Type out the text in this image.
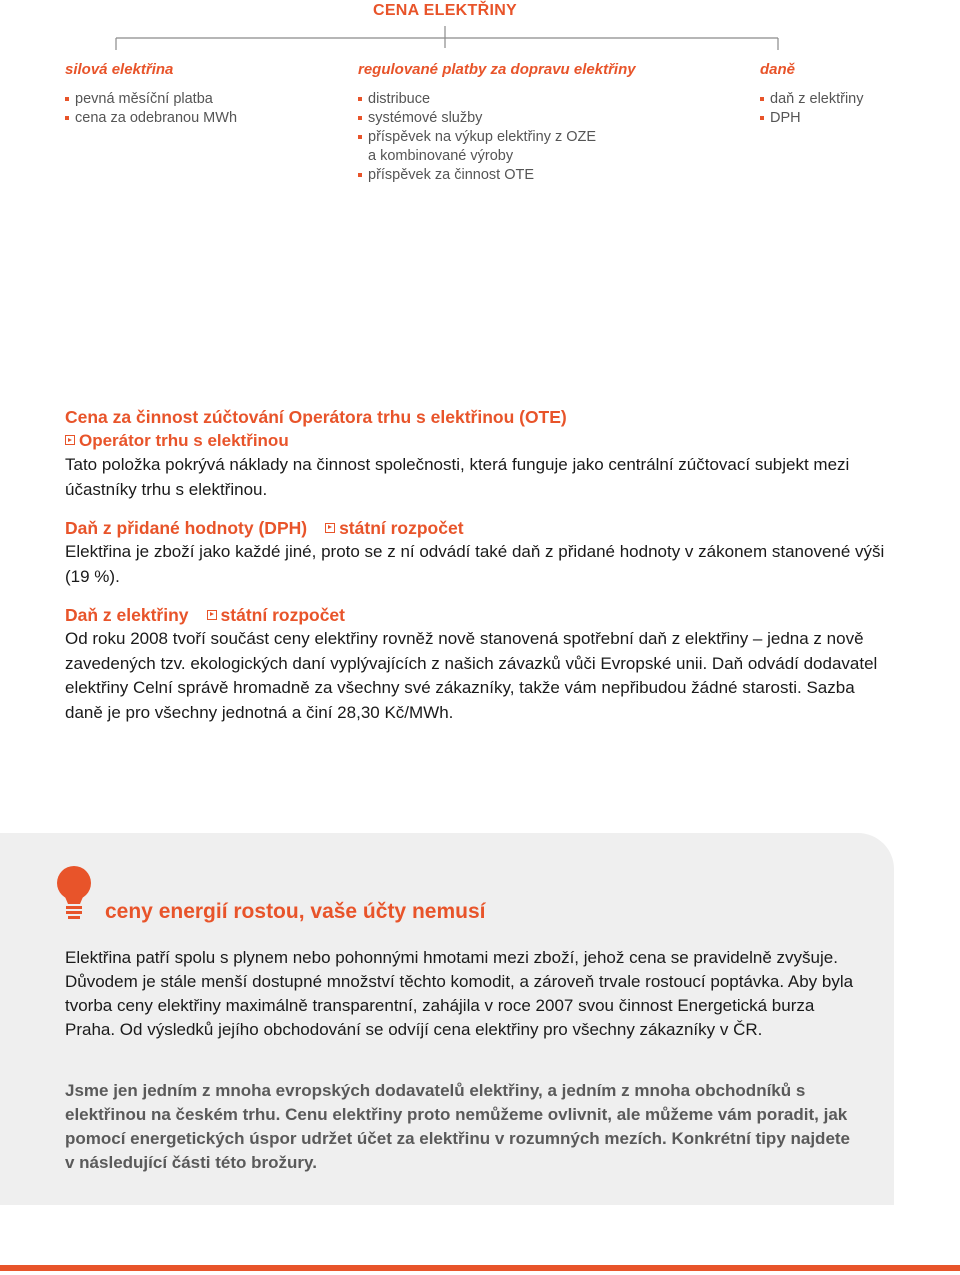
CENA ELEKTŘINY
silová elektřina
pevná měsíční platba
cena za odebranou MWh
regulované platby za dopravu elektřiny
distribuce
systémové služby
příspěvek na výkup elektřiny z OZE
a kombinované výroby
příspěvek za činnost OTE
daně
daň z elektřiny
DPH
Cena za činnost zúčtování Operátora trhu s elektřinou (OTE)
Operátor trhu s elektřinou

Tato položka pokrývá náklady na činnost společnosti, která funguje jako centrální zúčtovací subjekt mezi účastníky trhu s elektřinou.

Daň z přidané hodnoty (DPH) státní rozpočet

Elektřina je zboží jako každé jiné, proto se z ní odvádí také daň z přidané hodnoty v zákonem stanovené výši (19 %).

Daň z elektřiny státní rozpočet

Od roku 2008 tvoří součást ceny elektřiny rovněž nově stanovená spotřební daň z elektřiny – jedna z nově zavedených tzv. ekologických daní vyplývajících z našich závazků vůči Evropské unii. Daň odvádí dodavatel elektřiny Celní správě hromadně za všechny své zákazníky, takže vám nepřibudou žádné starosti. Sazba daně je pro všechny jednotná a činí 28,30 Kč/MWh.

ceny energií rostou, vaše účty nemusí

Elektřina patří spolu s plynem nebo pohonnými hmotami mezi zboží, jehož cena se pravidelně zvyšuje. Důvodem je stále menší dostupné množství těchto komodit, a zároveň trvale rostoucí poptávka. Aby byla tvorba ceny elektřiny maximálně transparentní, zahájila v roce 2007 svou činnost Energetická burza Praha. Od výsledků jejího obchodování se odvíjí cena elektřiny pro všechny zákazníky v ČR.

Jsme jen jedním z mnoha evropských dodavatelů elektřiny, a jedním z mnoha obchodníků s elektřinou na českém trhu. Cenu elektřiny proto nemůžeme ovlivnit, ale můžeme vám poradit, jak pomocí energetických úspor udržet účet za elektřinu v rozumných mezích. Konkrétní tipy najdete v následující části této brožury.
